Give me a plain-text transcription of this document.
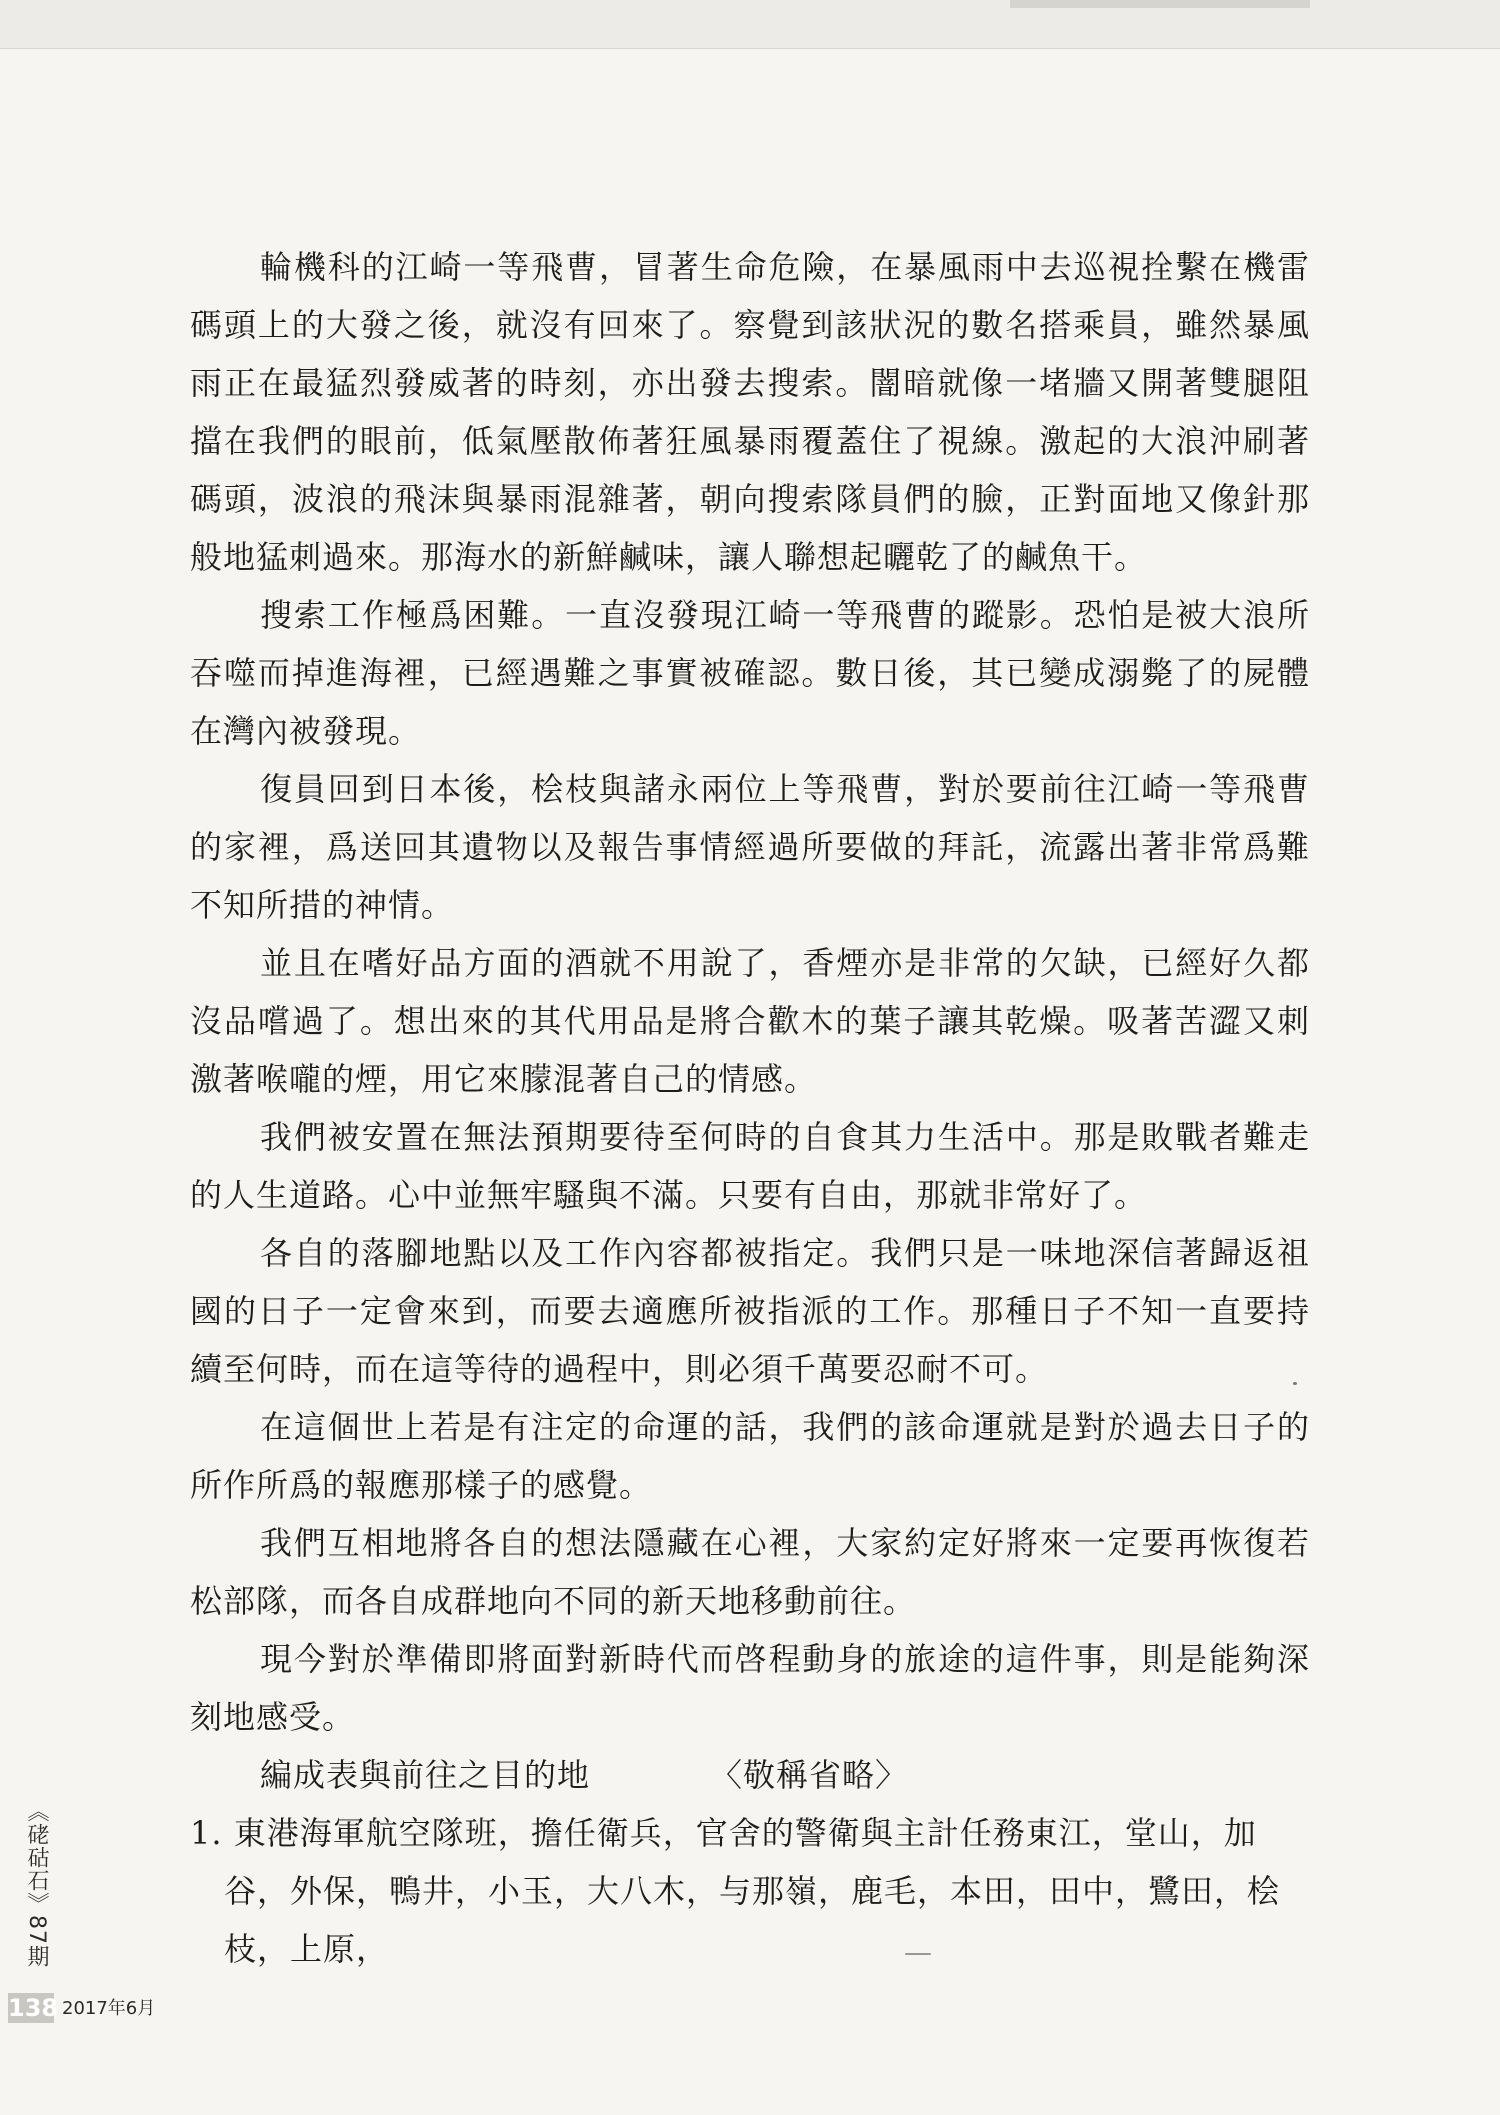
輪機科的江崎一等飛曹，冒著生命危險，在暴風雨中去巡視拴繫在機雷碼頭上的大發之後，就沒有回來了。察覺到該狀況的數名搭乘員，雖然暴風雨正在最猛烈發威著的時刻，亦出發去搜索。闇暗就像一堵牆又開著雙腿阻擋在我們的眼前，低氣壓散佈著狂風暴雨覆蓋住了視線。激起的大浪沖刷著碼頭，波浪的飛沫與暴雨混雜著，朝向搜索隊員們的臉，正對面地又像針那般地猛刺過來。那海水的新鮮鹹味，讓人聯想起曬乾了的鹹魚干。

搜索工作極爲困難。一直沒發現江崎一等飛曹的蹤影。恐怕是被大浪所吞噬而掉進海裡，已經遇難之事實被確認。數日後，其已變成溺斃了的屍體在灣內被發現。

復員回到日本後，桧枝與諸永兩位上等飛曹，對於要前往江崎一等飛曹的家裡，爲送回其遺物以及報告事情經過所要做的拜託，流露出著非常爲難不知所措的神情。

並且在嗜好品方面的酒就不用說了，香煙亦是非常的欠缺，已經好久都沒品嚐過了。想出來的其代用品是將合歡木的葉子讓其乾燥。吸著苦澀又刺激著喉嚨的煙，用它來朦混著自己的情感。

我們被安置在無法預期要待至何時的自食其力生活中。那是敗戰者難走的人生道路。心中並無牢騷與不滿。只要有自由，那就非常好了。

各自的落腳地點以及工作內容都被指定。我們只是一味地深信著歸返祖國的日子一定會來到，而要去適應所被指派的工作。那種日子不知一直要持續至何時，而在這等待的過程中，則必須千萬要忍耐不可。

在這個世上若是有注定的命運的話，我們的該命運就是對於過去日子的所作所爲的報應那樣子的感覺。

我們互相地將各自的想法隱藏在心裡，大家約定好將來一定要再恢復若松部隊，而各自成群地向不同的新天地移動前往。

現今對於準備即將面對新時代而啓程動身的旅途的這件事，則是能夠深刻地感受。

編成表與前往之目的地	〈敬稱省略〉

1. 東港海軍航空隊班，擔任衛兵，官舍的警衛與主計任務東江，堂山，加谷，外保，鴨井，小玉，大八木，与那嶺，鹿毛，本田，田中，鷺田，桧枝，上原，

《硓𥑮石》87期
138 2017年6月
